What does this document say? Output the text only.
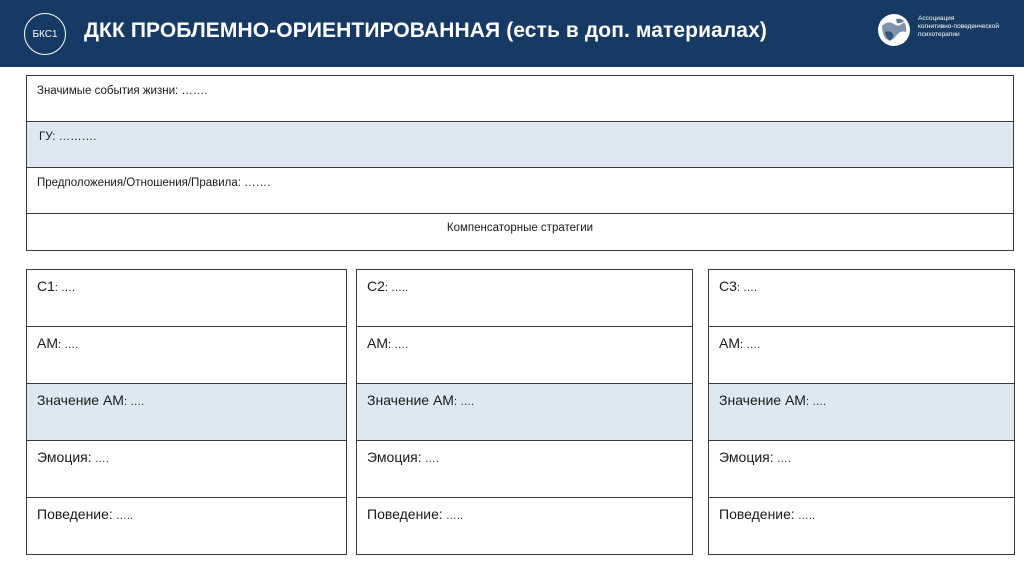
БКС1	ДКК ПРОБЛЕМНО-ОРИЕНТИРОВАННАЯ (есть в доп. материалах)
Ассоциация
когнитивно-поведенческой
психотерапии
Значимые события жизни: …….
ГУ: ……….
Предположения/Отношения/Правила: …….
Компенсаторные стратегии
С1: ….
АМ: ….
Значение АМ: ….
Эмоция: ….
Поведение: …..
С2: …..
АМ: ….
Значение АМ: ….
Эмоция: ….
Поведение: …..
С3: ….
АМ: ….
Значение АМ: ….
Эмоция: ….
Поведение: …..
